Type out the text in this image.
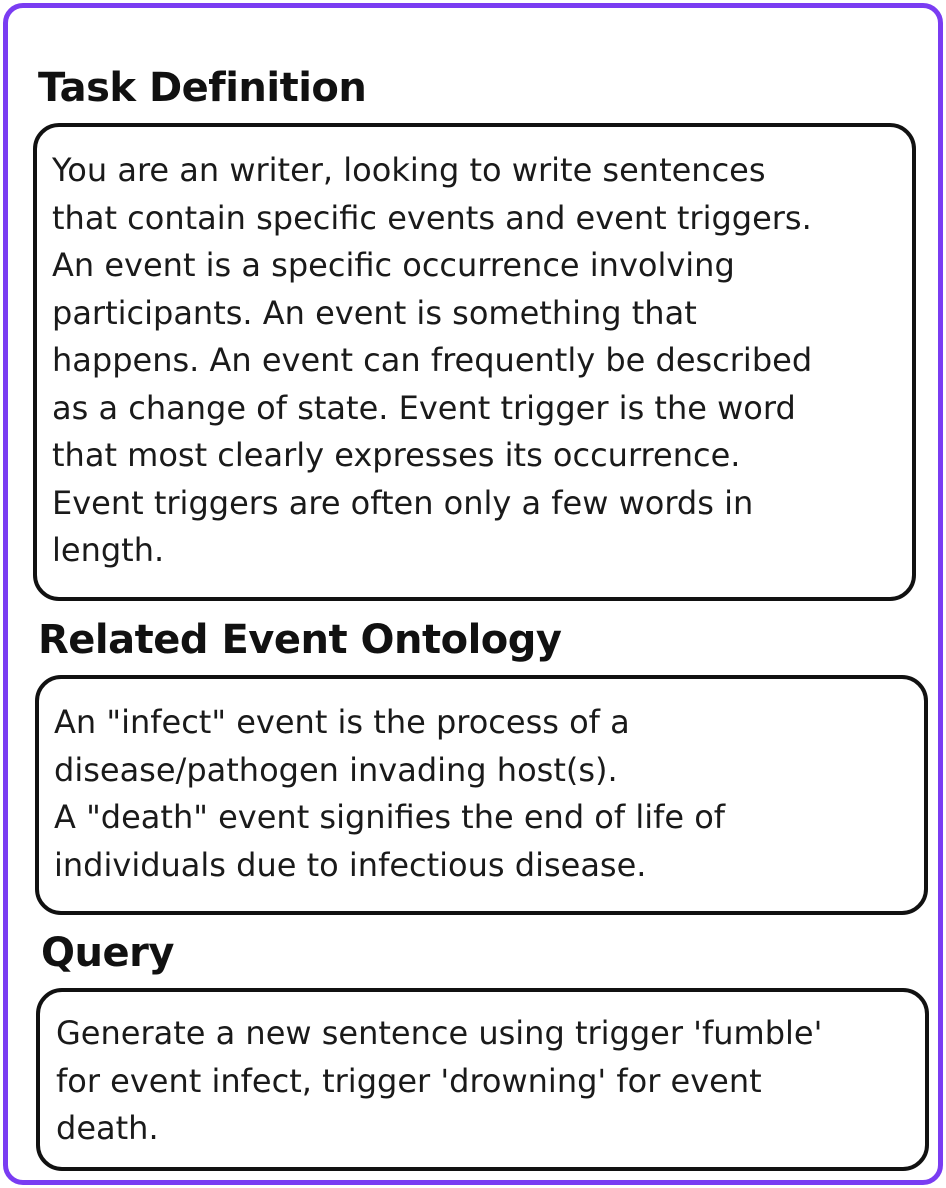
Task Definition
You are an writer, looking to write sentences
that contain specific events and event triggers.
An event is a specific occurrence involving
participants. An event is something that
happens. An event can frequently be described
as a change of state. Event trigger is the word
that most clearly expresses its occurrence.
Event triggers are often only a few words in
length.
Related Event Ontology
An "infect" event is the process of a
disease/pathogen invading host(s).
A "death" event signifies the end of life of
individuals due to infectious disease.
Query
Generate a new sentence using trigger 'fumble'
for event infect, trigger 'drowning' for event
death.
